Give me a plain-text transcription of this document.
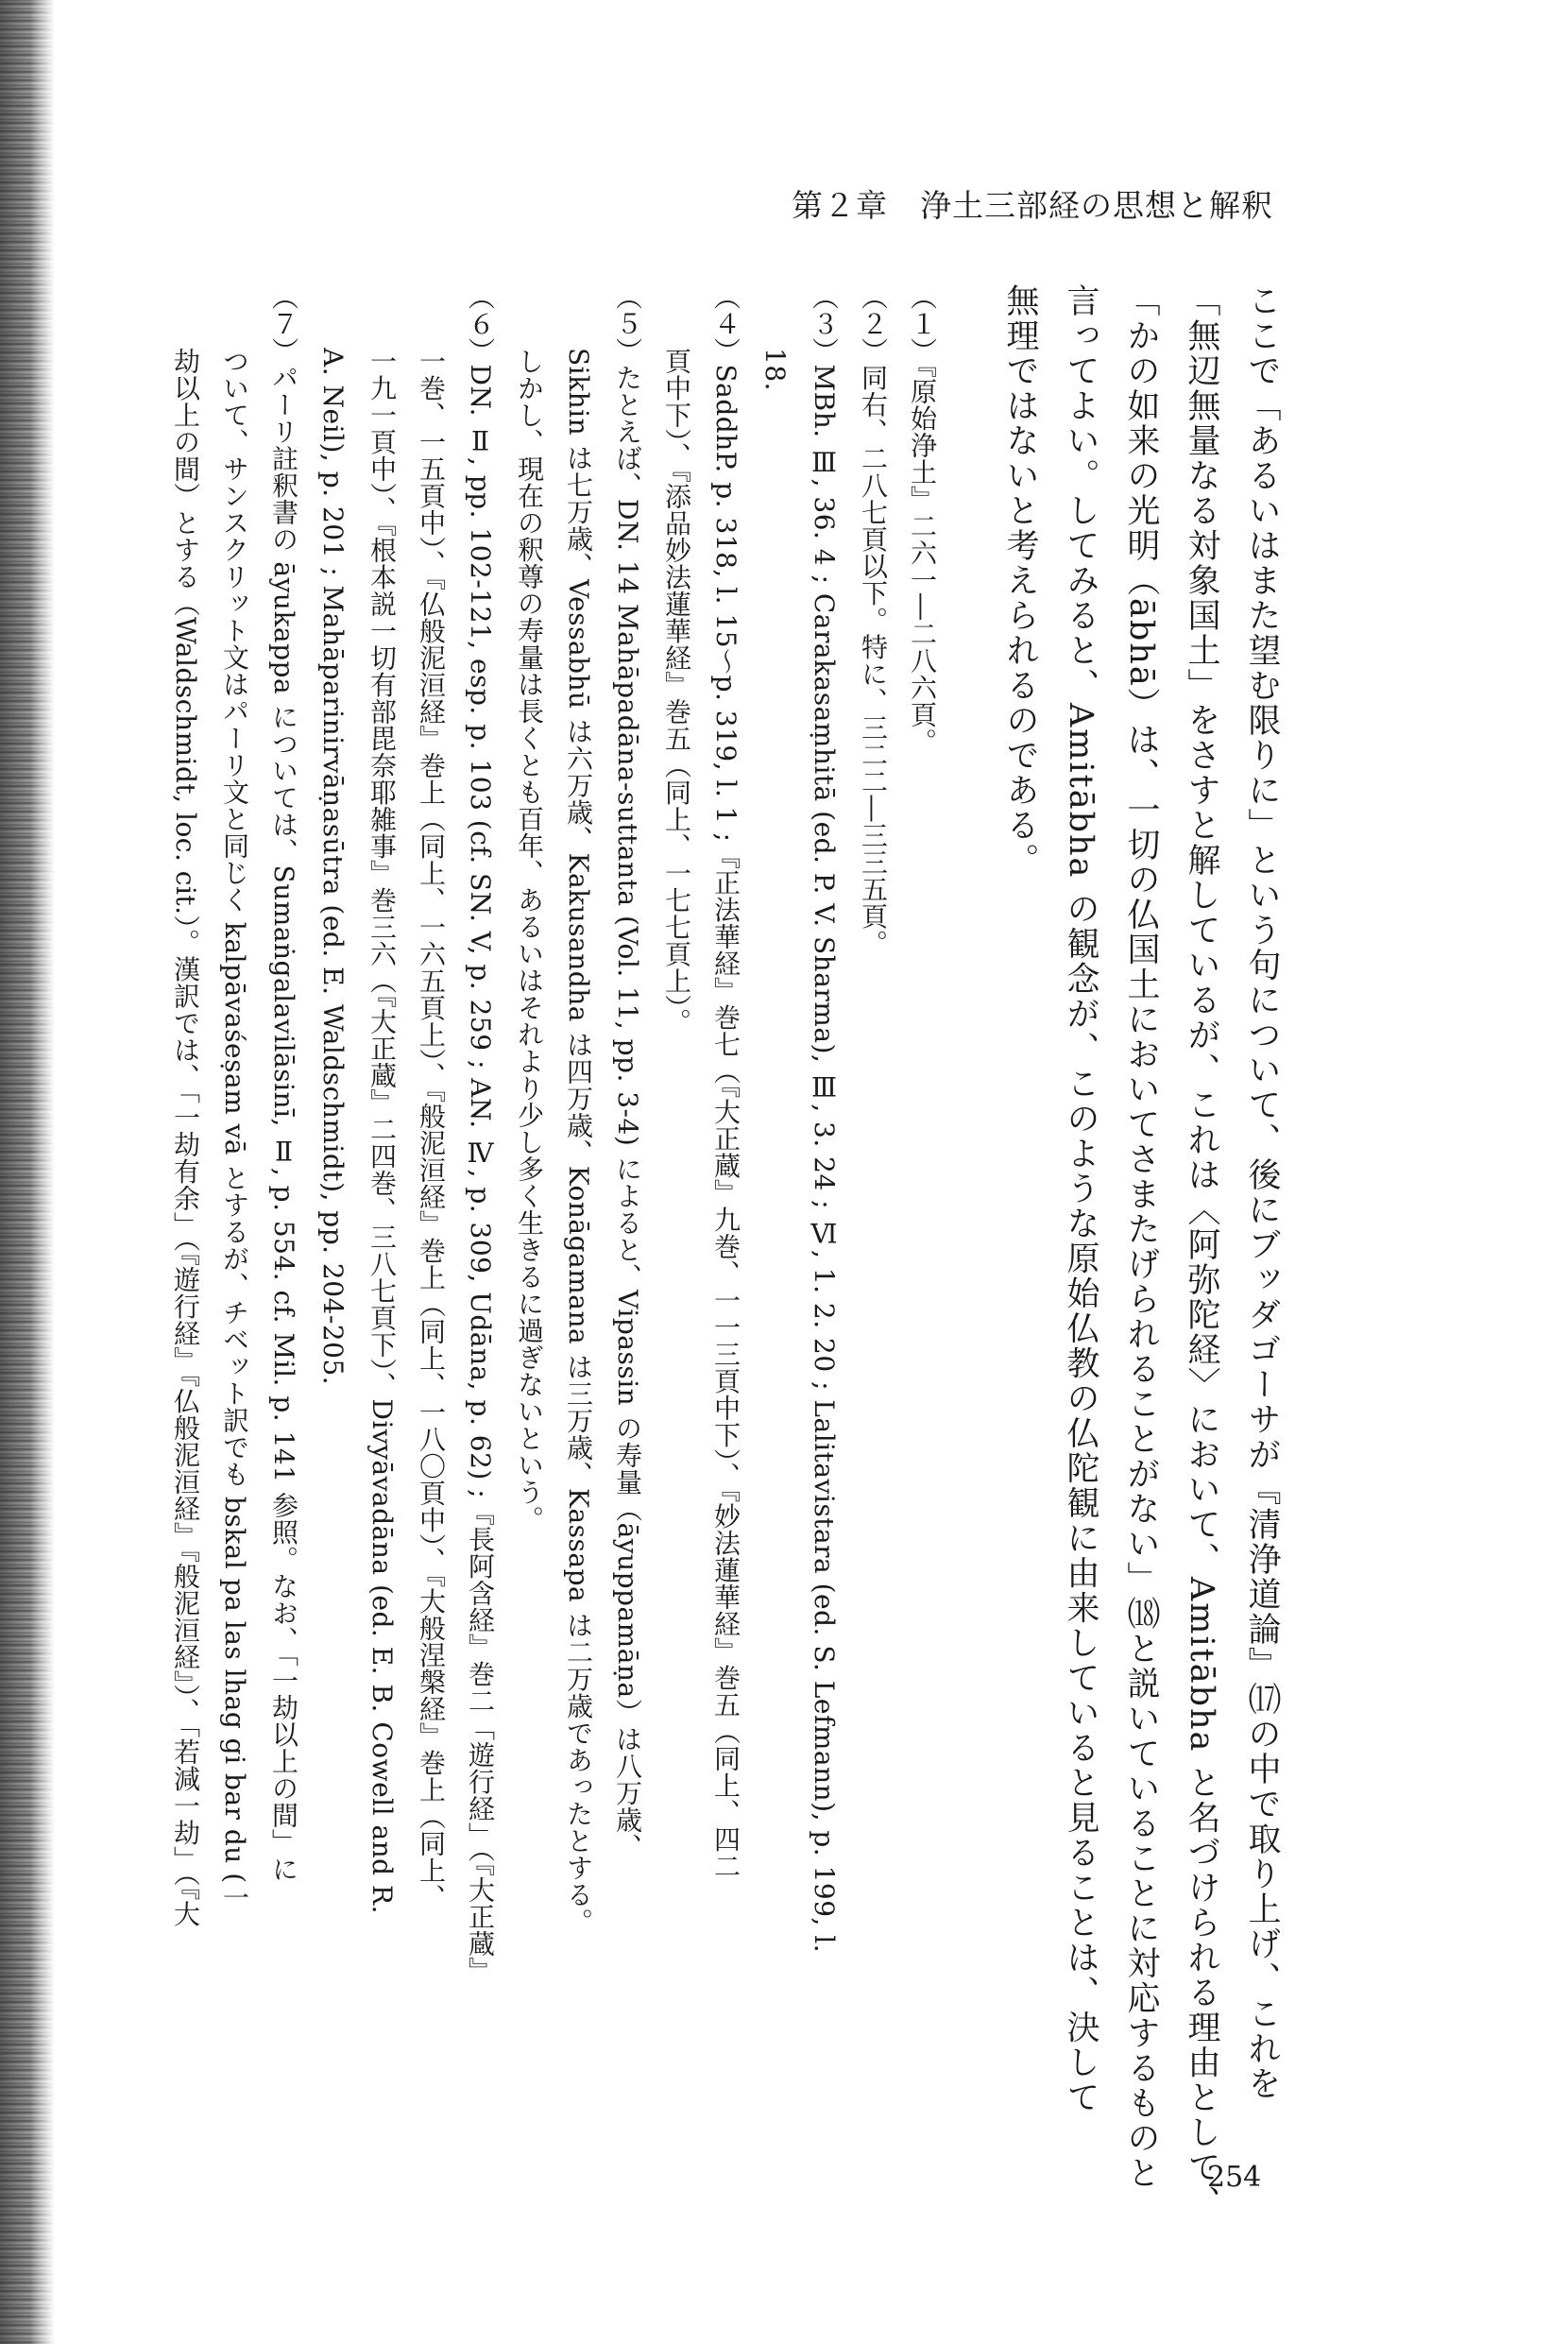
第２章　浄土三部経の思想と解釈

ここで「あるいはまた望む限りに」という句について、後にブッダゴーサが『清浄道論』⒄の中で取り上げ、これを

「無辺無量なる対象国土」をさすと解しているが、これは〈阿弥陀経〉において、Amitābha と名づけられる理由として、

「かの如来の光明（ābhā）は、一切の仏国土においてさまたげられることがない」⒅と説いていることに対応するものと

言ってよい。してみると、Amitābha の観念が、このような原始仏教の仏陀観に由来していると見ることは、決して

無理ではないと考えられるのである。

（１）『原始浄土』二六一―二八六頁。

（２）同右、二八七頁以下。特に、三二二―三三五頁。

（３）MBh. Ⅲ, 36. 4 ; Carakasaṃhitā (ed. P. V. Sharma), Ⅲ, 3. 24 ; Ⅵ, 1. 2. 20 ; Lalitavistara (ed. S. Lefmann), p. 199, l.

18.

（４）SaddhP. p. 318, l. 15～p. 319, l. 1 ;『正法華経』巻七（『大正蔵』九巻、一一三頁中下）、『妙法蓮華経』巻五（同上、四二

頁中下）、『添品妙法蓮華経』巻五（同上、一七七頁上）。

（５）たとえば、DN. 14 Mahāpadāna-suttanta (Vol. 11, pp. 3-4) によると、Vipassin の寿量（āyuppamāṇa）は八万歳、

Sikhin は七万歳、Vessabhū は六万歳、Kakusandha は四万歳、Konāgamana は三万歳、Kassapa は二万歳であったとする。

しかし、現在の釈尊の寿量は長くとも百年、あるいはそれより少し多く生きるに過ぎないという。

（６）DN. Ⅱ, pp. 102-121, esp. p. 103 (cf. SN. V, p. 259 ; AN. Ⅳ, p. 309, Udāna, p. 62) ;『長阿含経』巻二「遊行経」（『大正蔵』

一巻、一五頁中）、『仏般泥洹経』巻上（同上、一六五頁上）、『般泥洹経』巻上（同上、一八〇頁中）、『大般涅槃経』巻上（同上、

一九一頁中）、『根本説一切有部毘奈耶雑事』巻三六（『大正蔵』二四巻、三八七頁下）、Divyāvadāna (ed. E. B. Cowell and R.

A. Neil), p. 201 ; Mahāparinirvāṇasūtra (ed. E. Waldschmidt), pp. 204-205.

（７）パーリ註釈書の āyukappa については、Sumaṅgalavilāsinī, Ⅱ, p. 554. cf. Mil. p. 141 参照。なお、「一劫以上の間」に

ついて、サンスクリット文はパーリ文と同じく kalpāvaśeṣam vā とするが、チベット訳でも bskal pa las lhag gi bar du (一

劫以上の間）とする（Waldschmidt, loc. cit.）。漢訳では、「一劫有余」（『遊行経』『仏般泥洹経』『般泥洹経』）、「若減一劫」（『大

254
